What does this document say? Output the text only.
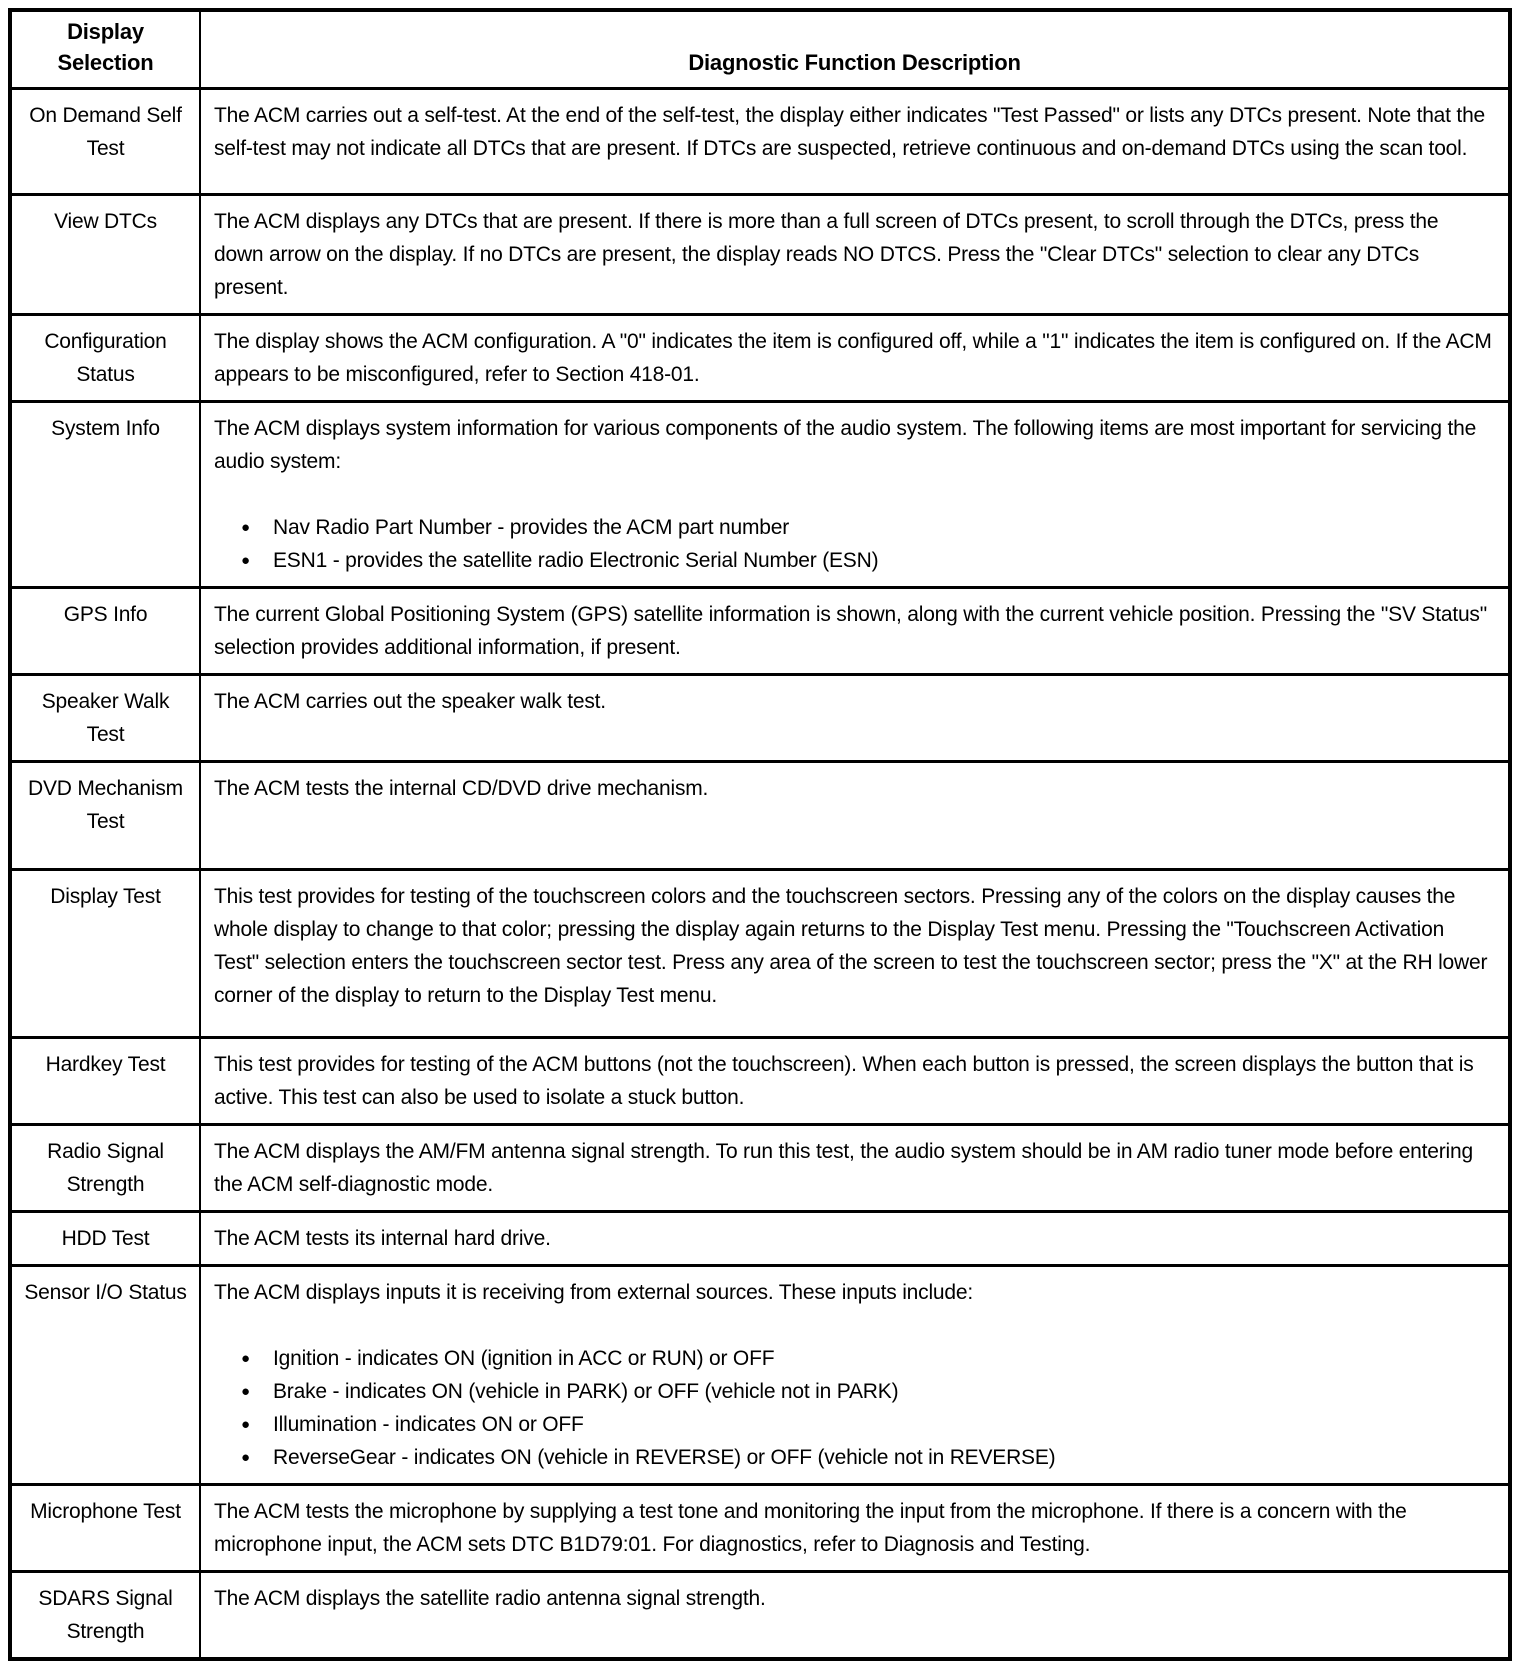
Display Selection	Diagnostic Function Description
On Demand Self Test	The ACM carries out a self-test. At the end of the self-test, the display either indicates "Test Passed" or lists any DTCs present. Note that the self-test may not indicate all DTCs that are present. If DTCs are suspected, retrieve continuous and on-demand DTCs using the scan tool.

View DTCs	The ACM displays any DTCs that are present. If there is more than a full screen of DTCs present, to scroll through the DTCs, press the down arrow on the display. If no DTCs are present, the display reads NO DTCS. Press the "Clear DTCs" selection to clear any DTCs present.

Configuration Status	The display shows the ACM configuration. A "0" indicates the item is configured off, while a "1" indicates the item is configured on. If the ACM appears to be misconfigured, refer to Section 418-01.

System Info	The ACM displays system information for various components of the audio system. The following items are most important for servicing the audio system:

● Nav Radio Part Number - provides the ACM part number
● ESN1 - provides the satellite radio Electronic Serial Number (ESN)

GPS Info	The current Global Positioning System (GPS) satellite information is shown, along with the current vehicle position. Pressing the "SV Status" selection provides additional information, if present.

Speaker Walk Test	The ACM carries out the speaker walk test.

DVD Mechanism Test	The ACM tests the internal CD/DVD drive mechanism.

Display Test	This test provides for testing of the touchscreen colors and the touchscreen sectors. Pressing any of the colors on the display causes the whole display to change to that color; pressing the display again returns to the Display Test menu. Pressing the "Touchscreen Activation Test" selection enters the touchscreen sector test. Press any area of the screen to test the touchscreen sector; press the "X" at the RH lower corner of the display to return to the Display Test menu.

Hardkey Test	This test provides for testing of the ACM buttons (not the touchscreen). When each button is pressed, the screen displays the button that is active. This test can also be used to isolate a stuck button.

Radio Signal Strength	The ACM displays the AM/FM antenna signal strength. To run this test, the audio system should be in AM radio tuner mode before entering the ACM self-diagnostic mode.

HDD Test	The ACM tests its internal hard drive.

Sensor I/O Status	The ACM displays inputs it is receiving from external sources. These inputs include:

● Ignition - indicates ON (ignition in ACC or RUN) or OFF
● Brake - indicates ON (vehicle in PARK) or OFF (vehicle not in PARK)
● Illumination - indicates ON or OFF
● ReverseGear - indicates ON (vehicle in REVERSE) or OFF (vehicle not in REVERSE)

Microphone Test	The ACM tests the microphone by supplying a test tone and monitoring the input from the microphone. If there is a concern with the microphone input, the ACM sets DTC B1D79:01. For diagnostics, refer to Diagnosis and Testing.

SDARS Signal Strength	The ACM displays the satellite radio antenna signal strength.
